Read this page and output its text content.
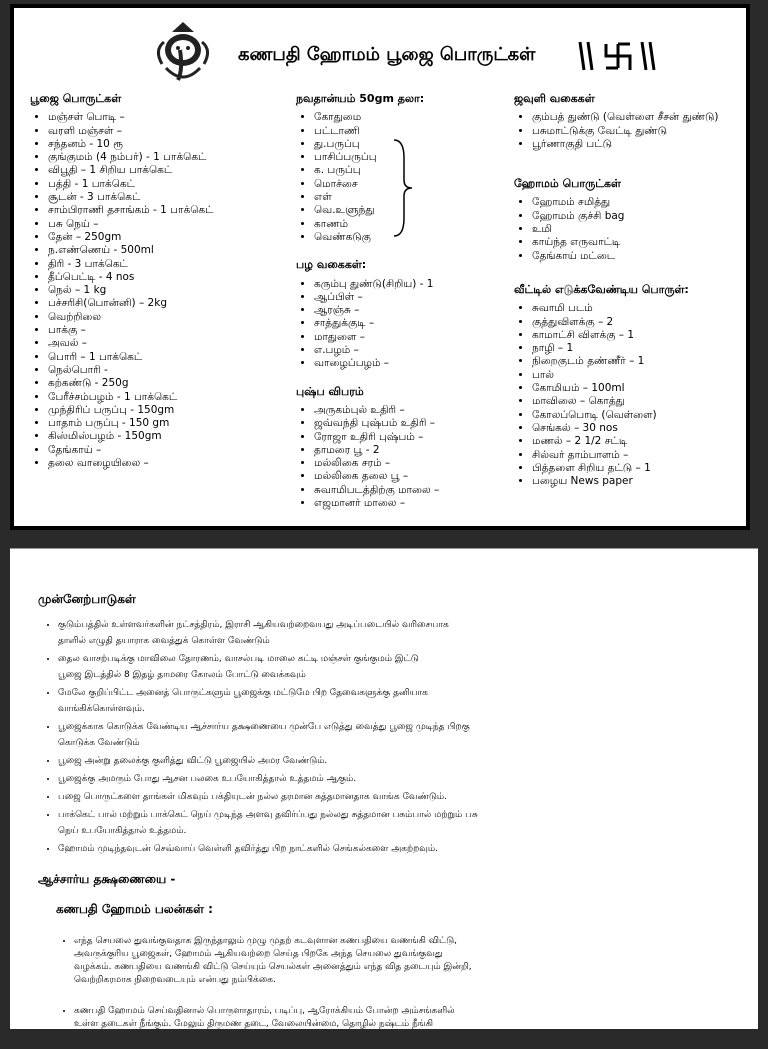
கணபதி ஹோமம் பூஜை பொருட்கள்
பூஜை பொருட்கள்
• மஞ்சள் பொடி –
• வரளி மஞ்சள் –
• சந்தனம் - 10 ரூ
• குங்குமம் (4 நம்பர்) - 1 பாக்கெட்
• விபூதி – 1 சிறிய பாக்கெட்
• பத்தி - 1 பாக்கெட்
• சூடன் - 3 பாக்கெட்
• சாம்பிராணி தசாங்கம் - 1 பாக்கெட்
• பசு நெய் –
• தேன் – 250gm
• ந.எண்ணெய் - 500ml
• திரி - 3 பாக்கெட்
• தீப்பெட்டி - 4 nos
• நெல் – 1 kg
• பச்சரிசி(பொன்னி) – 2kg
• வெற்றிலை
• பாக்கு –
• அவல் –
• பொரி – 1 பாக்கெட்
• நெல்பொரி -
• கற்கண்டு - 250g
• பேரீச்சம்பழம் - 1 பாக்கெட்
• முந்திரிப் பருப்பு - 150gm
• பாதாம் பருப்பு - 150 gm
• கிஸ்மிஸ்பழம் - 150gm
• தேங்காய் –
• தலை வாழையிலை –
நவதான்யம் 50gm தலா:
• கோதுமை
• பட்டாணி
• து.பருப்பு
• பாசிப்பருப்பு
• க. பருப்பு
• மொச்சை
• எள்
• வெ.உளுந்து
• காணம்
• வெண்கடுகு
பழ வகைகள்:
• கரும்பு துண்டு(சிறிய) - 1
• ஆப்பிள் –
• ஆரஞ்சு –
• சாத்துக்குடி –
• மாதுளை –
• எ.பழம் –
• வாழைப்பழம் –
புஷ்ப விபரம்
• அருகம்புல் உதிரி –
• ஜவ்வந்தி புஷ்பம் உதிரி –
• ரோஜா உதிரி புஷ்பம் –
• தாமரை பூ - 2
• மல்லிகை சரம் –
• மல்லிகை தலை பூ –
• சுவாமிபடத்திற்கு மாலை –
• எஜமானர் மாலை –
ஜவுளி வகைகள்
• கும்பத் துண்டு (வெள்ளை சீசன் துண்டு)
• பசுமாட்டுக்கு வேட்டி துண்டு
• பூர்ணாகுதி பட்டு
ஹோமம் பொருட்கள்
• ஹோமம் சமித்து
• ஹோமம் குச்சி bag
• உமி
• காய்ந்த எருவாட்டி
• தேங்காய் மட்டை
வீட்டில் எடுக்கவேண்டிய பொருள்:
• சுவாமி படம்
• குத்துவிளக்கு – 2
• காமாட்சி விளக்கு – 1
• நாழி – 1
• நிறைகுடம் தண்ணீர் – 1
• பால்
• கோமியம் – 100ml
• மாவிலை – கொத்து
• கோலப்பொடி (வெள்ளை)
• செங்கல் – 30 nos
• மணல் – 2 1/2 சட்டி
• சில்வர் தாம்பாளம் –
• பித்தளை சிறிய தட்டு – 1
• பழைய News paper
முன்னேற்பாடுகள்
• குடும்பத்தில் உள்ளவர்களின் நட்சத்திரம், இராசி ஆகியவற்றைவயது அடிப்படையில் வரிசையாக
தாளில் எழுதி தயாராக வைத்துக் கொள்ள வேண்டும்
• தைல வாசற்படிக்கு மாவிலை தோரணம், வாசல்படி மாலை கட்டி மஞ்சள் குங்குமம் இட்டு
பூஜை இடத்தில் 8 இதழ் தாமரை கோலம் போட்டு வைக்கவும்
• மேலே குறிப்பிட்ட அனைத் பொருட்களும் பூஜைக்கு மட்டுமே பிற தேவைகளுக்கு தனியாக
வாங்கிக்கொள்ளவும்.
• பூஜைக்காக கொடுக்க வேண்டிய ஆச்சார்ய தக்ஷணையை முன்பே எடுத்து வைத்து பூஜை முடிந்த பிறகு
கொடுக்க வேண்டும்
• பூஜை அன்று தலைக்கு குளித்து விட்டு பூஜையில் அமர வேண்டும்.
• பூஜைக்கு அமரும் போது ஆசன பலகை உபயோகித்தால் உத்தமம் ஆகும்.
• பஜை பொருட்களை தாங்கள் மிகவும் பக்தியுடன் நல்ல தரமான சுத்தமானதாக வாங்க வேண்டும்.
• பாக்கெட் பால் மற்றும் பாக்கெட் நெய் முடிந்த அளவு தவிர்ப்பது நல்லது சுத்தமான பசும்பால் மற்றும் பசு
நெய் உபயோகித்தால் உத்தமம்.
• ஹோமம் முடிந்தவுடன் செவ்வாய் வெள்ளி தவிர்த்து பிற நாட்களில் செங்கல்களை அகற்றவும்.
ஆச்சார்ய தக்ஷணையை -
கணபதி ஹோமம் பலன்கள் :
• எந்த செயலை துவங்குவதாக இருந்தாலும் முழு முதற் கடவுளான கணபதியை வணங்கி விட்டு,
அவருக்குரிய பூஜைகள், ஹோமம் ஆகியவற்றை செய்த பிறகே அந்த செயலை துவங்குவது
வழக்கம். கணபதியை வணங்கி விட்டு செய்யும் செயல்கள் அனைத்தும் எந்த வித தடையும் இன்றி,
வெற்றிகரமாக நிறைவடையும் என்பது நம்பிக்கை.
• கணபதி ஹோமம் செய்வதினால் பொருளாதாரம், படிப்பு, ஆரோக்கியம் போன்ற அம்சங்களில்
உள்ள தடைகள் நீங்கும். மேலும் திருமண தடை, வேலையின்மை, தொழில் நஷ்டம் நீங்கி
